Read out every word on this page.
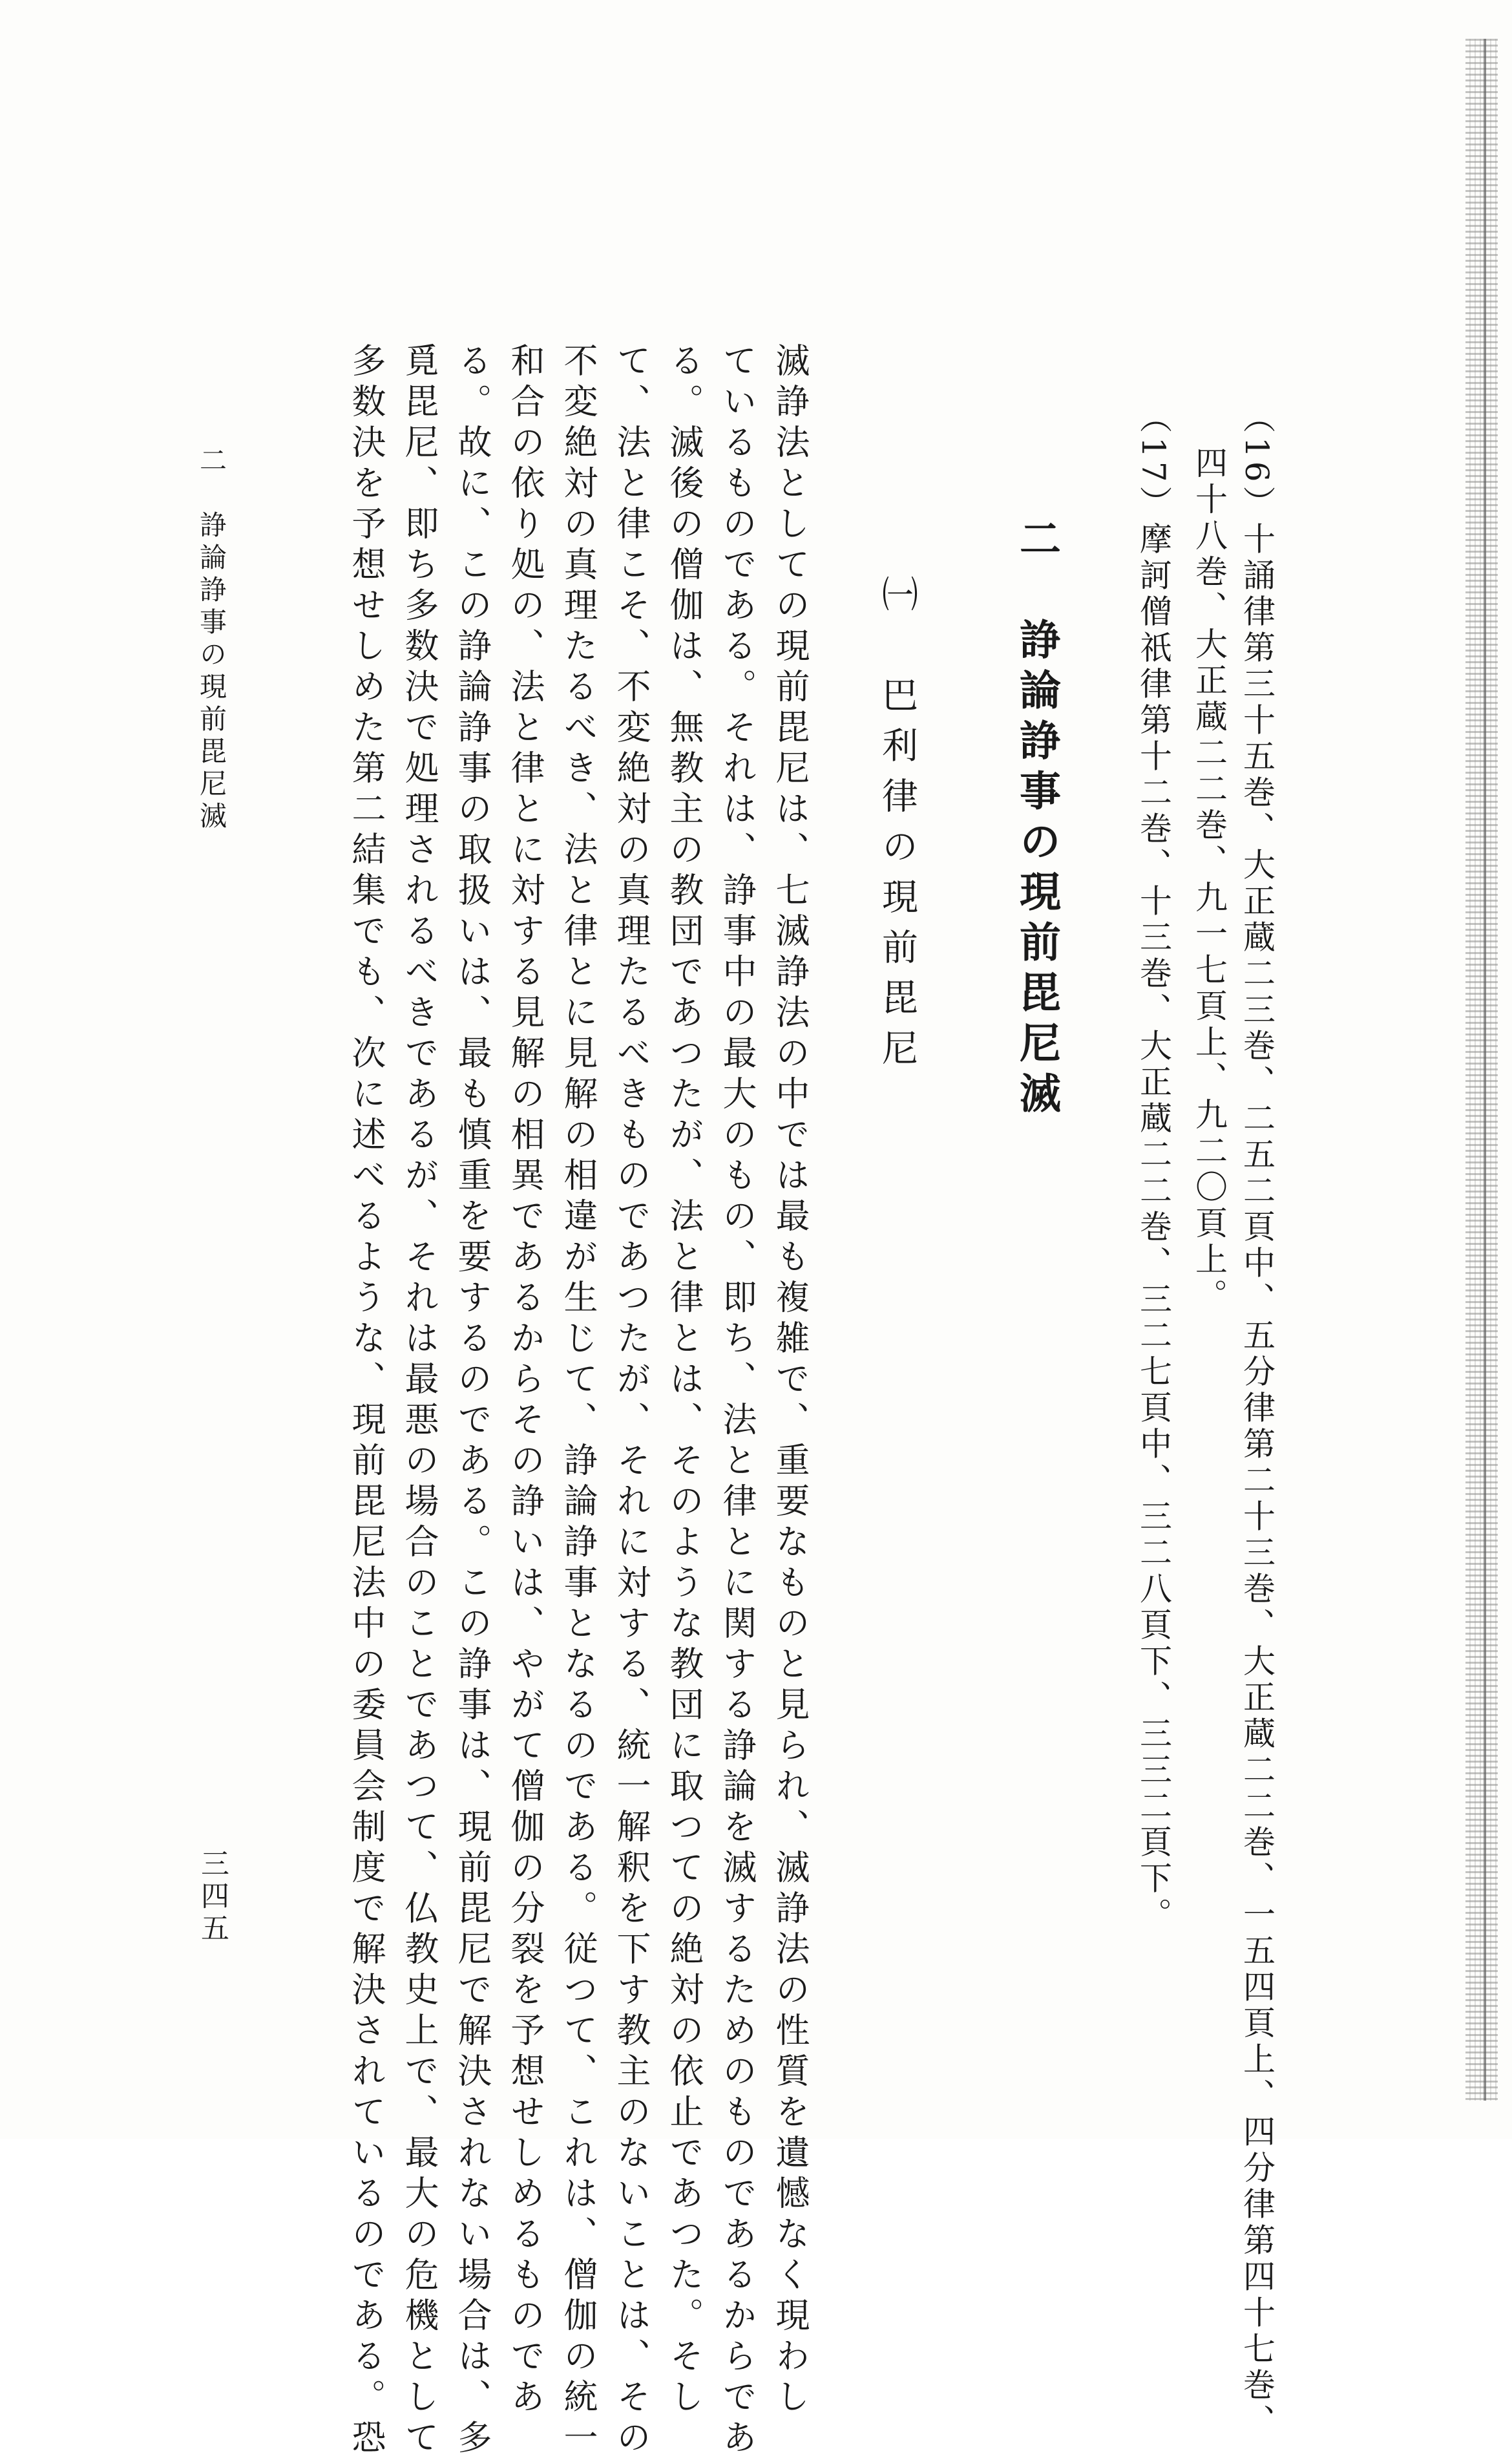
（16）十誦律第三十五巻、大正蔵二三巻、二五二頁中、五分律第二十三巻、大正蔵二二巻、一五四頁上、四分律第四十七巻、
四十八巻、大正蔵二二巻、九一七頁上、九二〇頁上。
（17）摩訶僧祇律第十二巻、十三巻、大正蔵二二巻、三二七頁中、三二八頁下、三三二頁下。
二　諍論諍事の現前毘尼滅
㈠　巴利律の現前毘尼
滅諍法としての現前毘尼は、七滅諍法の中では最も複雑で、重要なものと見られ、滅諍法の性質を遺憾なく現わし
ているものである。それは、諍事中の最大のもの、即ち、法と律とに関する諍論を滅するためのものであるからであ
る。滅後の僧伽は、無教主の教団であつたが、法と律とは、そのような教団に取つての絶対の依止であつた。そし
て、法と律こそ、不変絶対の真理たるべきものであつたが、それに対する、統一解釈を下す教主のないことは、その
不変絶対の真理たるべき、法と律とに見解の相違が生じて、諍論諍事となるのである。従つて、これは、僧伽の統一
和合の依り処の、法と律とに対する見解の相異であるからその諍いは、やがて僧伽の分裂を予想せしめるものであ
る。故に、この諍論諍事の取扱いは、最も慎重を要するのである。この諍事は、現前毘尼で解決されない場合は、多
覓毘尼、即ち多数決で処理されるべきであるが、それは最悪の場合のことであつて、仏教史上で、最大の危機として
多数決を予想せしめた第二結集でも、次に述べるような、現前毘尼法中の委員会制度で解決されているのである。恐
二　諍論諍事の現前毘尼滅
三四五
